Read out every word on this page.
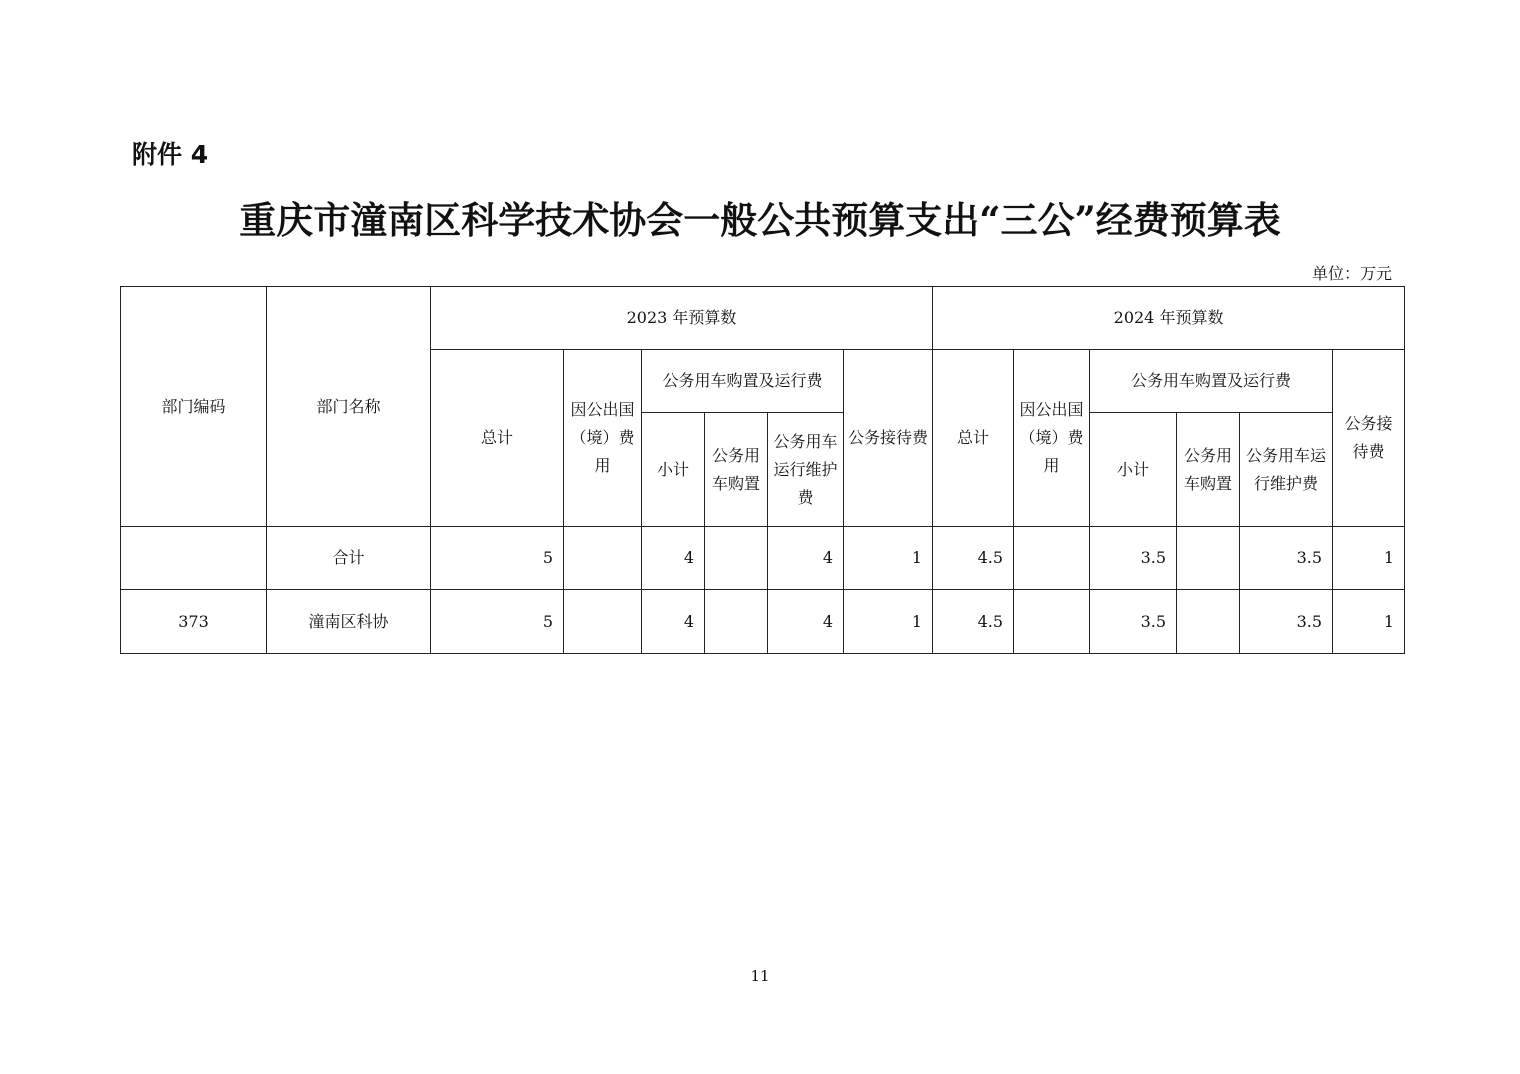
附件 4
重庆市潼南区科学技术协会一般公共预算支出“三公”经费预算表
单位：万元
部门编码	部门名称	2023 年预算数						2024 年预算数					
		总计	因公出国（境）费用	公务用车购置及运行费			公务接待费	总计	因公出国（境）费用	公务用车购置及运行费			公务接待费
				小计	公务用车购置	公务用车运行维护费				小计	公务用车购置	公务用车运行维护费	
	合计	5		4		4	1	4.5		3.5		3.5	1
373	潼南区科协	5		4		4	1	4.5		3.5		3.5	1
11
